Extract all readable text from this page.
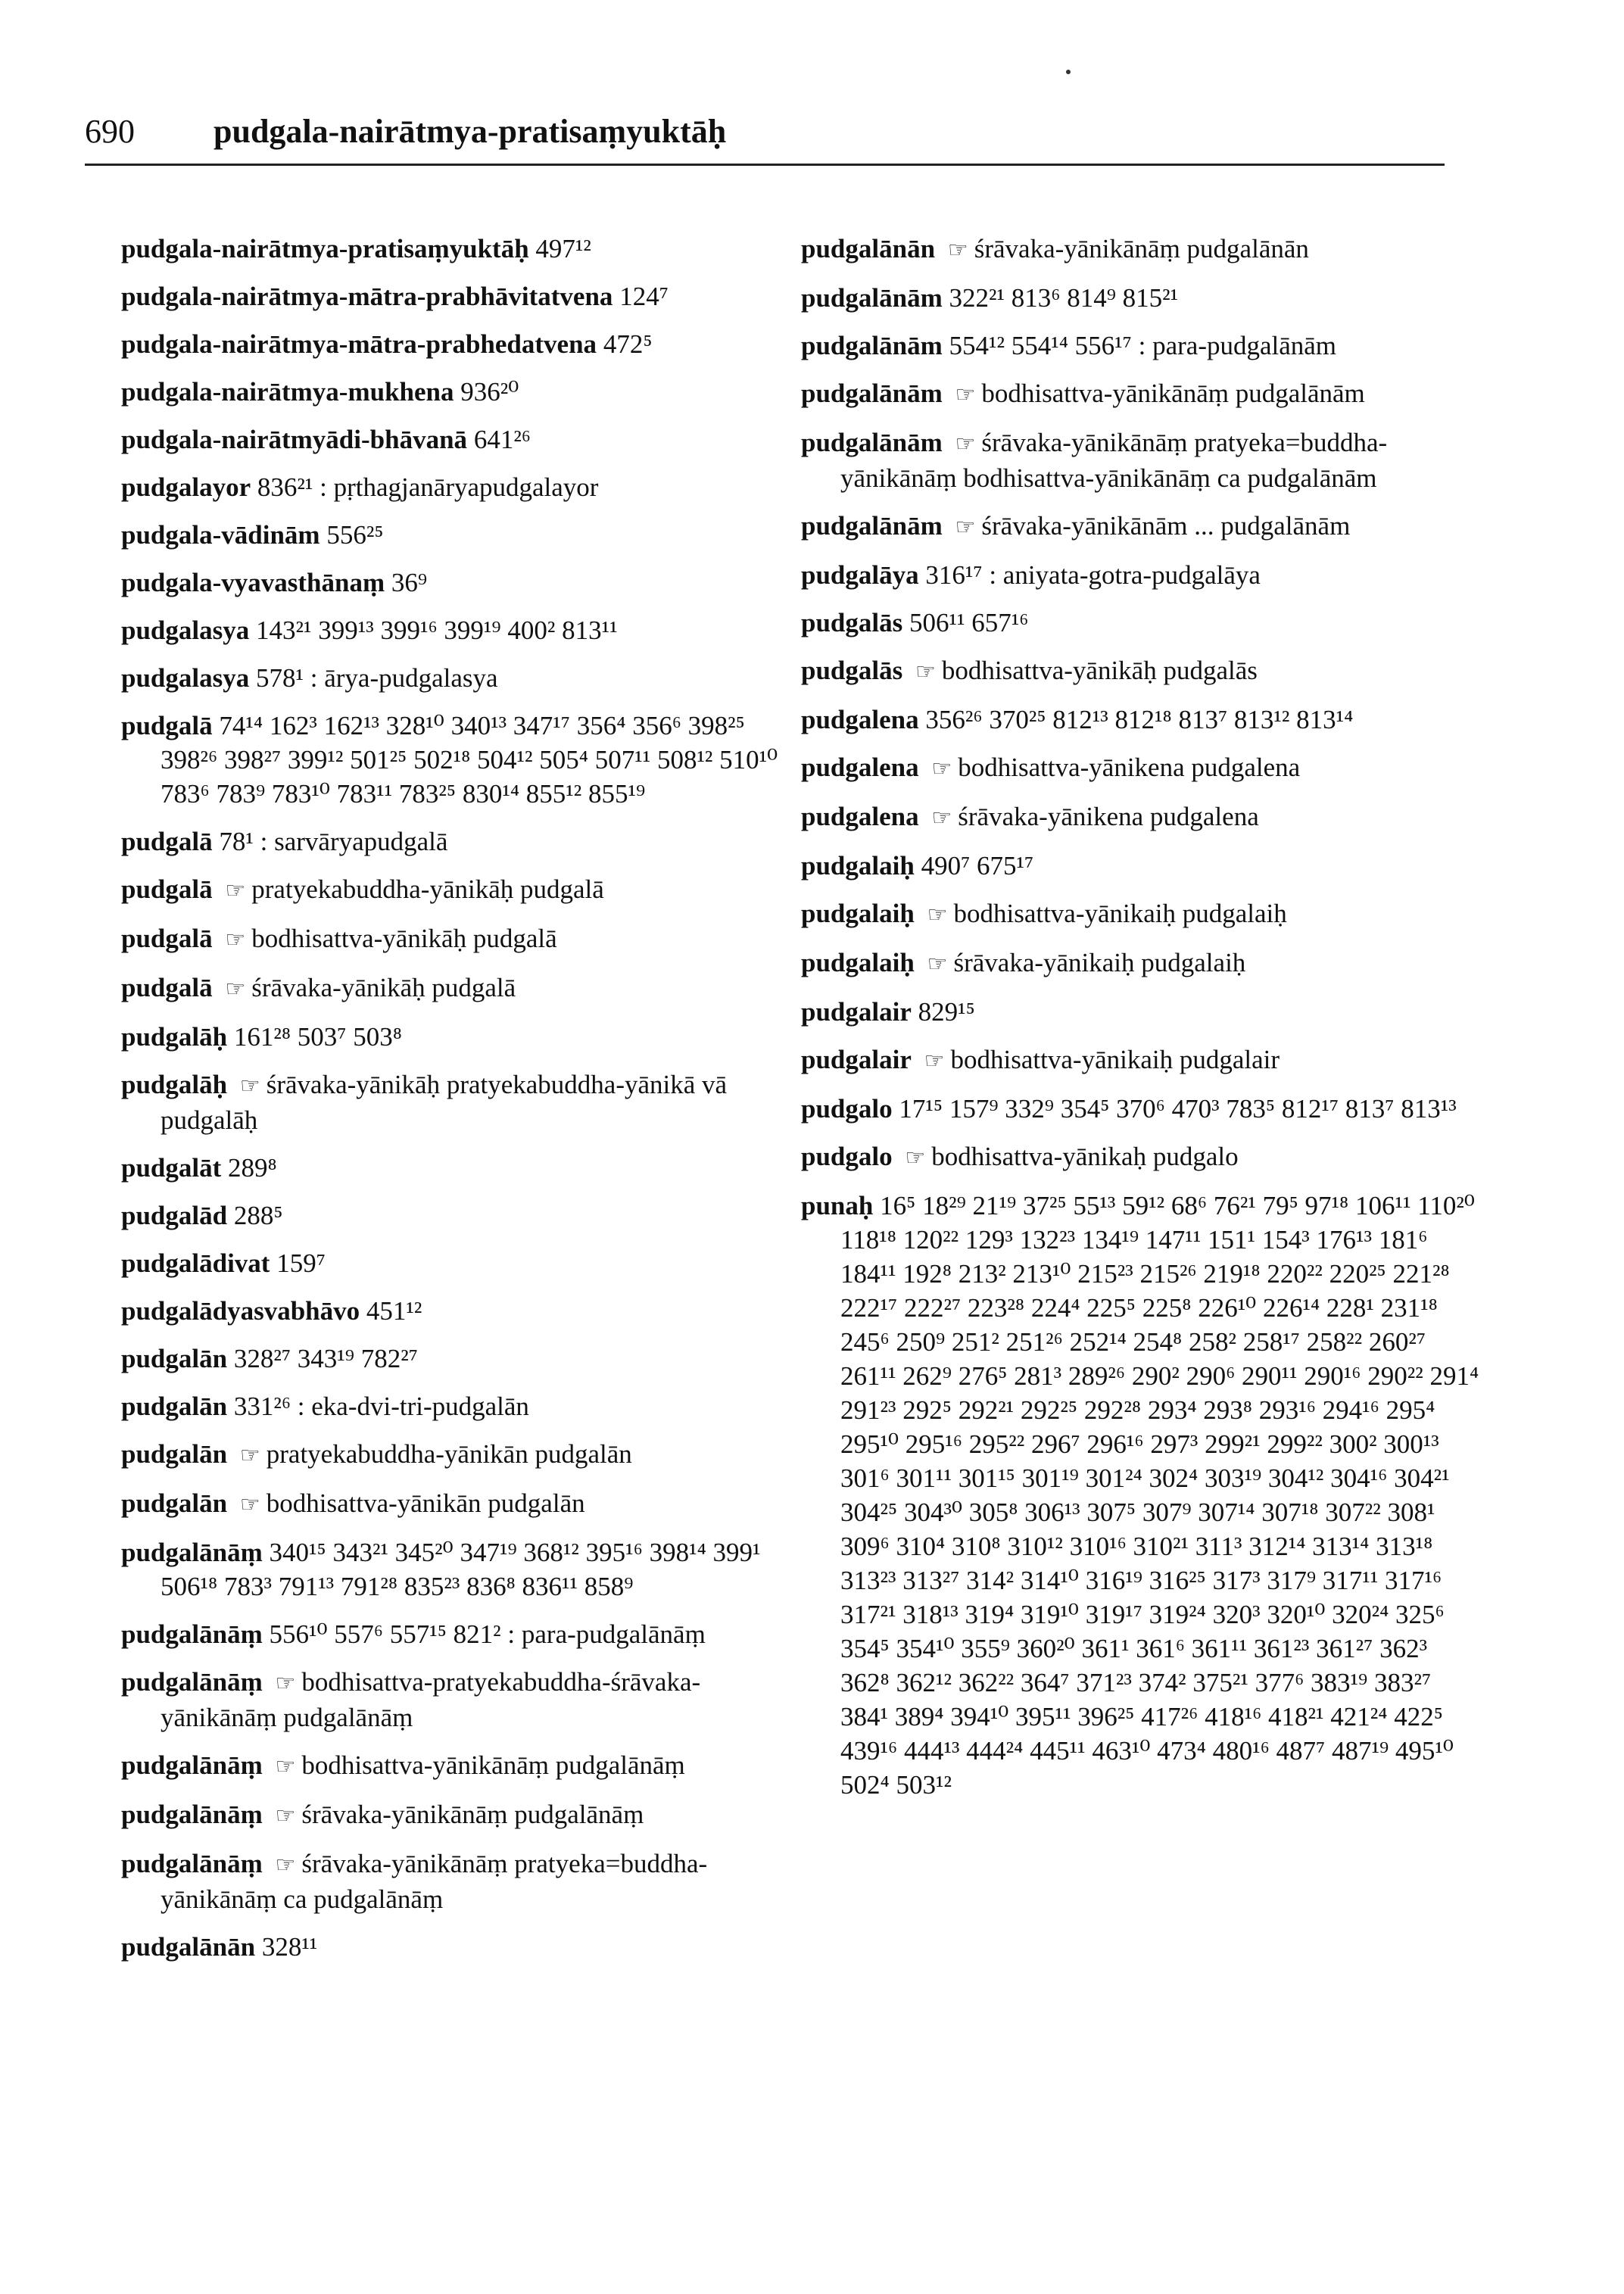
690 pudgala-nairātmya-pratisaṃyuktāḥ

pudgala-nairātmya-pratisaṃyuktāḥ 497¹²

pudgala-nairātmya-mātra-prabhāvitatvena 124⁷

pudgala-nairātmya-mātra-prabhedatvena 472⁵

pudgala-nairātmya-mukhena 936²⁰

pudgala-nairātmyādi-bhāvanā 641²⁶

pudgalayor 836²¹ : pṛthagjanāryapudgalayor

pudgala-vādinām 556²⁵

pudgala-vyavasthānaṃ 36⁹

pudgalasya 143²¹ 399¹³ 399¹⁶ 399¹⁹ 400² 813¹¹

pudgalasya 578¹ : ārya-pudgalasya

pudgalā 74¹⁴ 162³ 162¹³ 328¹⁰ 340¹³ 347¹⁷ 356⁴ 356⁶ 398²⁵ 398²⁶ 398²⁷ 399¹² 501²⁵ 502¹⁸ 504¹² 505⁴ 507¹¹ 508¹² 510¹⁰ 783⁶ 783⁹ 783¹⁰ 783¹¹ 783²⁵ 830¹⁴ 855¹² 855¹⁹

pudgalā 78¹ : sarvāryapudgalā

pudgalā ☞ pratyekabuddha-yānikāḥ pudgalā

pudgalā ☞ bodhisattva-yānikāḥ pudgalā

pudgalā ☞ śrāvaka-yānikāḥ pudgalā

pudgalāḥ 161²⁸ 503⁷ 503⁸

pudgalāḥ ☞ śrāvaka-yānikāḥ pratyekabuddha-yānikā vā pudgalāḥ

pudgalāt 289⁸

pudgalād 288⁵

pudgalādivat 159⁷

pudgalādyasvabhāvo 451¹²

pudgalān 328²⁷ 343¹⁹ 782²⁷

pudgalān 331²⁶ : eka-dvi-tri-pudgalān

pudgalān ☞ pratyekabuddha-yānikān pudgalān

pudgalān ☞ bodhisattva-yānikān pudgalān

pudgalānāṃ 340¹⁵ 343²¹ 345²⁰ 347¹⁹ 368¹² 395¹⁶ 398¹⁴ 399¹ 506¹⁸ 783³ 791¹³ 791²⁸ 835²³ 836⁸ 836¹¹ 858⁹

pudgalānāṃ 556¹⁰ 557⁶ 557¹⁵ 821² : para-pudgalānāṃ

pudgalānāṃ ☞ bodhisattva-pratyekabuddha-śrāvaka-yānikānāṃ pudgalānāṃ

pudgalānāṃ ☞ bodhisattva-yānikānāṃ pudgalānāṃ

pudgalānāṃ ☞ śrāvaka-yānikānāṃ pudgalānāṃ

pudgalānāṃ ☞ śrāvaka-yānikānāṃ pratyeka=buddha-yānikānāṃ ca pudgalānāṃ

pudgalānān 328¹¹

pudgalānān ☞ śrāvaka-yānikānāṃ pudgalānān

pudgalānām 322²¹ 813⁶ 814⁹ 815²¹

pudgalānām 554¹² 554¹⁴ 556¹⁷ : para-pudgalānām

pudgalānām ☞ bodhisattva-yānikānāṃ pudgalānām

pudgalānām ☞ śrāvaka-yānikānāṃ pratyeka=buddha-yānikānāṃ bodhisattva-yānikānāṃ ca pudgalānām

pudgalānām ☞ śrāvaka-yānikānām ... pudgalānām

pudgalāya 316¹⁷ : aniyata-gotra-pudgalāya

pudgalās 506¹¹ 657¹⁶

pudgalās ☞ bodhisattva-yānikāḥ pudgalās

pudgalena 356²⁶ 370²⁵ 812¹³ 812¹⁸ 813⁷ 813¹² 813¹⁴

pudgalena ☞ bodhisattva-yānikena pudgalena

pudgalena ☞ śrāvaka-yānikena pudgalena

pudgalaiḥ 490⁷ 675¹⁷

pudgalaiḥ ☞ bodhisattva-yānikaiḥ pudgalaiḥ

pudgalaiḥ ☞ śrāvaka-yānikaiḥ pudgalaiḥ

pudgalair 829¹⁵

pudgalair ☞ bodhisattva-yānikaiḥ pudgalair

pudgalo 17¹⁵ 157⁹ 332⁹ 354⁵ 370⁶ 470³ 783⁵ 812¹⁷ 813⁷ 813¹³

pudgalo ☞ bodhisattva-yānikaḥ pudgalo

punaḥ 16⁵ 18²⁹ 21¹⁹ 37²⁵ 55¹³ 59¹² 68⁶ 76²¹ 79⁵ 97¹⁸ 106¹¹ 110²⁰ 118¹⁸ 120²² 129³ 132²³ 134¹⁹ 147¹¹ 151¹ 154³ 176¹³ 181⁶ 184¹¹ 192⁸ 213² 213¹⁰ 215²³ 215²⁶ 219¹⁸ 220²² 220²⁵ 221²⁸ 222¹⁷ 222²⁷ 223²⁸ 224⁴ 225⁵ 225⁸ 226¹⁰ 226¹⁴ 228¹ 231¹⁸ 245⁶ 250⁹ 251² 251²⁶ 252¹⁴ 254⁸ 258² 258¹⁷ 258²² 260²⁷ 261¹¹ 262⁹ 276⁵ 281³ 289²⁶ 290² 290⁶ 290¹¹ 290¹⁶ 290²² 291⁴ 291²³ 292⁵ 292²¹ 292²⁵ 292²⁸ 293⁴ 293⁸ 293¹⁶ 294¹⁶ 295⁴ 295¹⁰ 295¹⁶ 295²² 296⁷ 296¹⁶ 297³ 299²¹ 299²² 300² 300¹³ 301⁶ 301¹¹ 301¹⁵ 301¹⁹ 301²⁴ 302⁴ 303¹⁹ 304¹² 304¹⁶ 304²¹ 304²⁵ 304³⁰ 305⁸ 306¹³ 307⁵ 307⁹ 307¹⁴ 307¹⁸ 307²² 308¹ 309⁶ 310⁴ 310⁸ 310¹² 310¹⁶ 310²¹ 311³ 312¹⁴ 313¹⁴ 313¹⁸ 313²³ 313²⁷ 314² 314¹⁰ 316¹⁹ 316²⁵ 317³ 317⁹ 317¹¹ 317¹⁶ 317²¹ 318¹³ 319⁴ 319¹⁰ 319¹⁷ 319²⁴ 320³ 320¹⁰ 320²⁴ 325⁶ 354⁵ 354¹⁰ 355⁹ 360²⁰ 361¹ 361⁶ 361¹¹ 361²³ 361²⁷ 362³ 362⁸ 362¹² 362²² 364⁷ 371²³ 374² 375²¹ 377⁶ 383¹⁹ 383²⁷ 384¹ 389⁴ 394¹⁰ 395¹¹ 396²⁵ 417²⁶ 418¹⁶ 418²¹ 421²⁴ 422⁵ 439¹⁶ 444¹³ 444²⁴ 445¹¹ 463¹⁰ 473⁴ 480¹⁶ 487⁷ 487¹⁹ 495¹⁰ 502⁴ 503¹²
